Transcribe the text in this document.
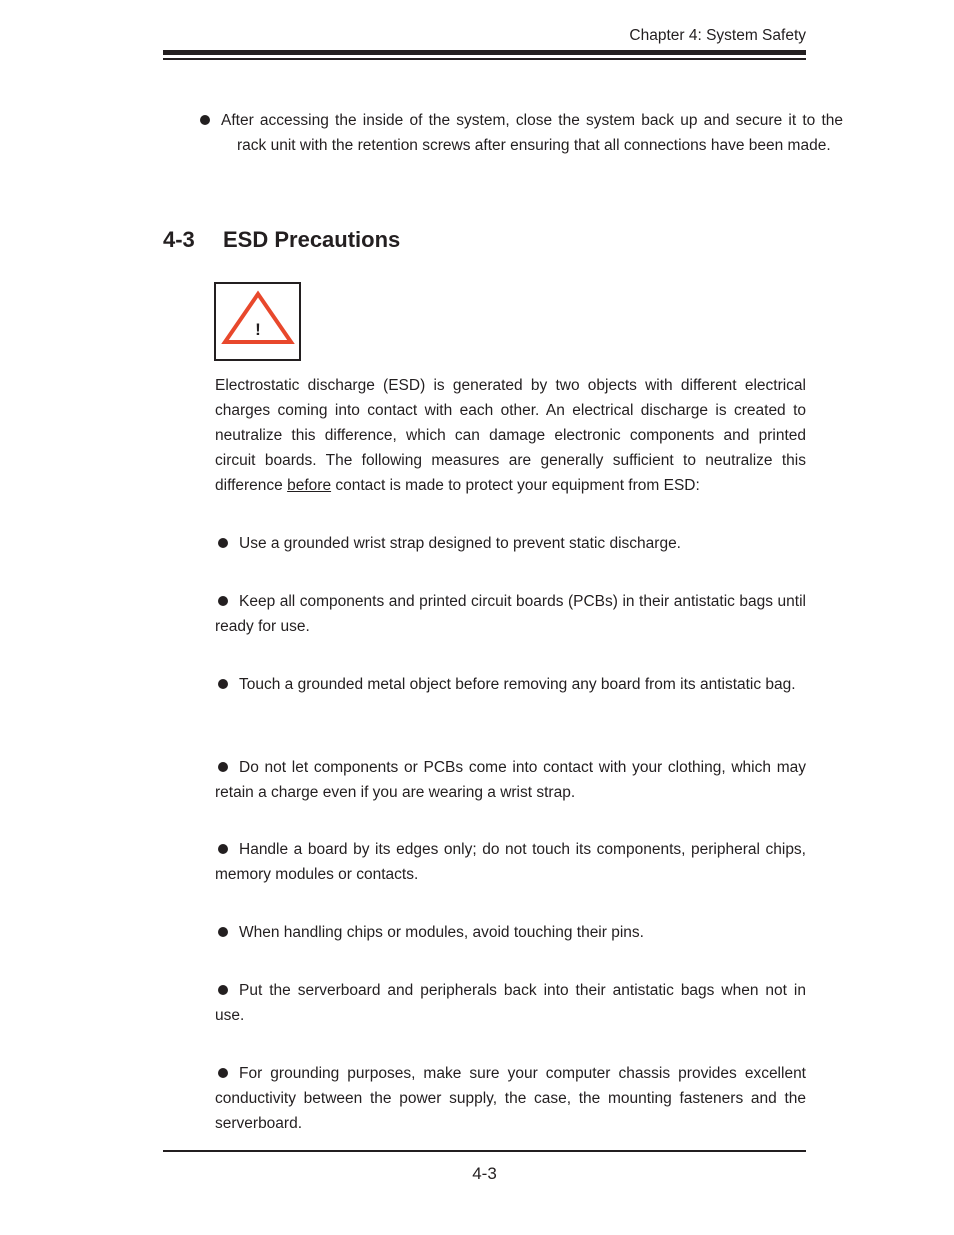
Chapter 4: System Safety

After accessing the inside of the system, close the system back up and secure it to the rack unit with the retention screws after ensuring that all connections have been made.

4-3 ESD Precautions
!

Electrostatic discharge (ESD) is generated by two objects with different electrical charges coming into contact with each other. An electrical discharge is created to neutralize this difference, which can damage electronic components and printed circuit boards. The following measures are generally sufficient to neutralize this difference before contact is made to protect your equipment from ESD:

Use a grounded wrist strap designed to prevent static discharge.
Keep all components and printed circuit boards (PCBs) in their antistatic bags until ready for use.
Touch a grounded metal object before removing any board from its antistatic bag.
Do not let components or PCBs come into contact with your clothing, which may retain a charge even if you are wearing a wrist strap.
Handle a board by its edges only; do not touch its components, peripheral chips, memory modules or contacts.
When handling chips or modules, avoid touching their pins.
Put the serverboard and peripherals back into their antistatic bags when not in use.
For grounding purposes, make sure your computer chassis provides excellent conductivity between the power supply, the case, the mounting fasteners and the serverboard.
4-3
